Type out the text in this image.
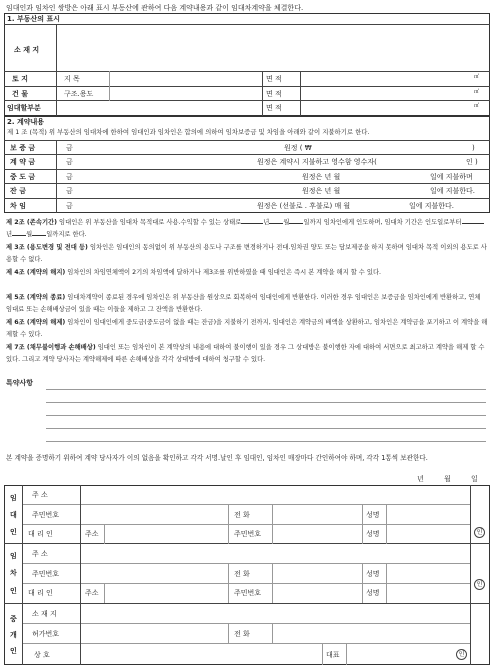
임대인과 임차인 쌍방은 아래 표시 부동산에 관하여 다음 계약내용과 같이 임대차계약을 체결한다.
1. 부동산의 표시
소 재 지
토 지	지 목	면 적	㎡
건 물	구조.용도	면 적	㎡
임대할부분	면 적	㎡
2. 계약내용
제 1 조 (목적) 위 부동산의 임대차에 한하여 임대인과 임차인은 합의에 의하여 임차보증금 및 차임을 아래와 같이 지불하기로 한다.
보 증 금	금	원정 ( ₩	)
계 약 금	금	원정은 계약시 지불하고 영수함 영수자(	인 )
중 도 금	금	원정은 년 월	일에 지불하며
잔 금	금	원정은 년 월	일에 지불한다.
차 임	금	원정은 (선불로 . 후불로) 매 월	일에 지불한다.
제 2조 (존속기간) 임대인은 위 부동산을 임대차 목적대로 사용.수익할 수 있는 상태로	년 월 일까지 임차인에게 인도하며, 임대차 기간은 인도일로부터년 월 일까지로 한다.
제 3조 (용도변경 및 전대 등) 임차인은 임대인의 동의없이 위 부동산의 용도나 구조를 변경하거나 전대.임차권 양도 또는 담보제공을 하지 못하며 임대차 목적 이외의 용도로 사용할 수 없다.
제 4조 (계약의 해지) 임차인의 차임연체액이 2기의 차임액에 달하거나 제3조를 위반하였을 때 임대인은 즉시 본 계약을 해지 할 수 있다.
제 5조 (계약의 종료) 임대차계약이 종료된 경우에 임차인은 위 부동산을 원상으로 회복하여 임대인에게 반환한다. 이러한 경우 임대인은 보증금을 임차인에게 반환하고, 연체 임대료 또는 손해배상금이 있을 때는 이들을 제하고 그 잔액을 반환한다.
제 6조 (계약의 해제) 임차인이 임대인에게 중도금(중도금이 없을 때는 잔금)을 지불하기 전까지, 임대인은 계약금의 배액을 상환하고, 임차인은 계약금을 포기하고 이 계약을 해제할 수 있다.
제 7조 (채무불이행과 손해배상) 임대인 또는 임차인이 본 계약상의 내용에 대하여 불이행이 있을 경우 그 상대방은 불이행한 자에 대하여 서면으로 최고하고 계약을 해제 할 수 있다. 그리고 계약 당사자는 계약해제에 따른 손해배상을 각각 상대방에 대하여 청구할 수 있다.
특약사항
본 계약을 증명하기 위하여 계약 당사자가 이의 없음을 확인하고 각각 서명.날인 후 임대인, 임차인 매장마다 간인하여야 하며, 각각 1통씩 보관한다.
년	월	일
임
대
인
주 소
주민번호	전 화	성명
대 리 인	주소	주민번호	성명	인
임
차
인
주 소
주민번호	전 화	성명
대 리 인	주소	주민번호	성명
인
중
개
인
소 재 지
허가번호	전 화
상 호	대표	인
